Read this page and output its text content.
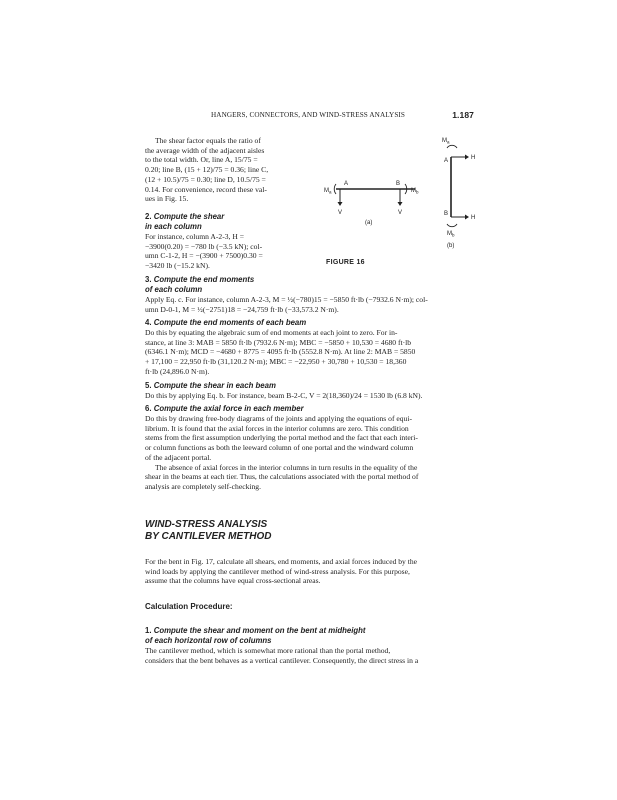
HANGERS, CONNECTORS, AND WIND-STRESS ANALYSIS	1.187
The shear factor equals the ratio of
the average width of the adjacent aisles
to the total width. Or, line A, 15/75 =
0.20; line B, (15 + 12)/75 = 0.36; line C,
(12 + 10.5)/75 = 0.30; line D, 10.5/75 =
0.14. For convenience, record these val-
ues in Fig. 15.
2. Compute the shear
in each column
For instance, column A-2-3, H =
−3900(0.20) = −780 lb (−3.5 kN); col-
umn C-1-2, H = −(3900 + 7500)0.30 =
−3420 lb (−15.2 kN).
A	B
$M_a$	$M_b$
V	V
(a)
$M_a$
A	H
B
H
$M_b$
(b)
FIGURE 16
3. Compute the end moments
of each column
Apply Eq. c. For instance, column A-2-3, M = ½(−780)15 = −5850 ft·lb (−7932.6 N·m); col-
umn D-0-1, M = ½(−2751)18 = −24,759 ft·lb (−33,573.2 N·m).
4. Compute the end moments of each beam
Do this by equating the algebraic sum of end moments at each joint to zero. For in-
stance, at line 3: MAB = 5850 ft·lb (7932.6 N·m); MBC = −5850 + 10,530 = 4680 ft·lb
(6346.1 N·m); MCD = −4680 + 8775 = 4095 ft·lb (5552.8 N·m). At line 2: MAB = 5850
+ 17,100 = 22,950 ft·lb (31,120.2 N·m); MBC = −22,950 + 30,780 + 10,530 = 18,360
ft·lb (24,896.0 N·m).
5. Compute the shear in each beam
Do this by applying Eq. b. For instance, beam B-2-C, V = 2(18,360)/24 = 1530 lb (6.8 kN).
6. Compute the axial force in each member
Do this by drawing free-body diagrams of the joints and applying the equations of equi-
librium. It is found that the axial forces in the interior columns are zero. This condition
stems from the first assumption underlying the portal method and the fact that each interi-
or column functions as both the leeward column of one portal and the windward column
of the adjacent portal.
The absence of axial forces in the interior columns in turn results in the equality of the
shear in the beams at each tier. Thus, the calculations associated with the portal method of
analysis are completely self-checking.
WIND-STRESS ANALYSIS
BY CANTILEVER METHOD
For the bent in Fig. 17, calculate all shears, end moments, and axial forces induced by the
wind loads by applying the cantilever method of wind-stress analysis. For this purpose,
assume that the columns have equal cross-sectional areas.
Calculation Procedure:
1. Compute the shear and moment on the bent at midheight
of each horizontal row of columns
The cantilever method, which is somewhat more rational than the portal method,
considers that the bent behaves as a vertical cantilever. Consequently, the direct stress in a
